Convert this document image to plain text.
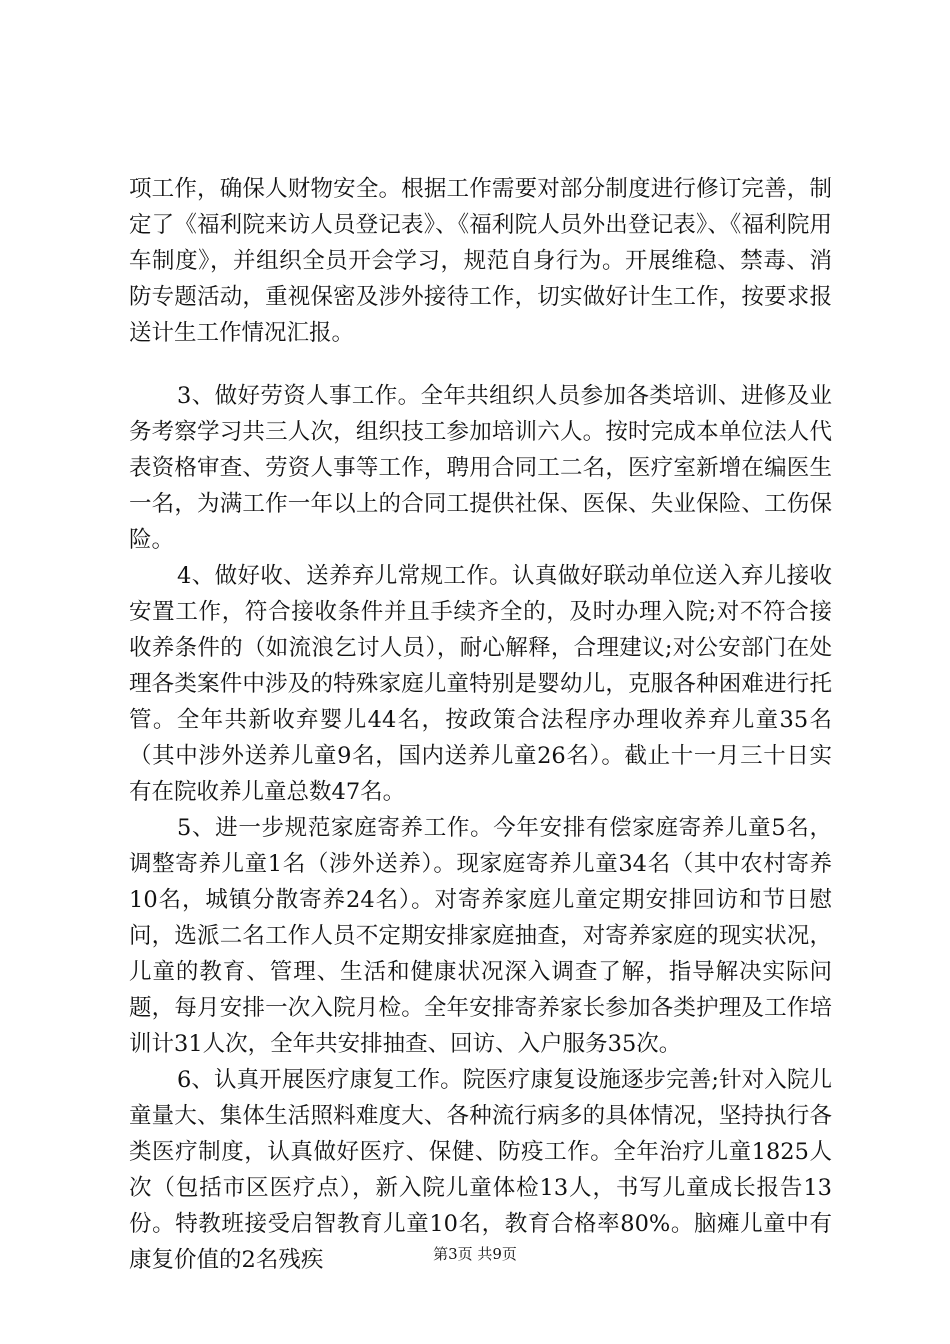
项工作，确保人财物安全。根据工作需要对部分制度进行修订完善，制定了《福利院来访人员登记表》、《福利院人员外出登记表》、《福利院用车制度》，并组织全员开会学习，规范自身行为。开展维稳、禁毒、消防专题活动，重视保密及涉外接待工作，切实做好计生工作，按要求报送计生工作情况汇报。

3、做好劳资人事工作。全年共组织人员参加各类培训、进修及业务考察学习共三人次，组织技工参加培训六人。按时完成本单位法人代表资格审查、劳资人事等工作，聘用合同工二名，医疗室新增在编医生一名，为满工作一年以上的合同工提供社保、医保、失业保险、工伤保险。

4、做好收、送养弃儿常规工作。认真做好联动单位送入弃儿接收安置工作，符合接收条件并且手续齐全的，及时办理入院;对不符合接收养条件的（如流浪乞讨人员），耐心解释，合理建议;对公安部门在处理各类案件中涉及的特殊家庭儿童特别是婴幼儿，克服各种困难进行托管。全年共新收弃婴儿44名，按政策合法程序办理收养弃儿童35名（其中涉外送养儿童9名，国内送养儿童26名）。截止十一月三十日实有在院收养儿童总数47名。

5、进一步规范家庭寄养工作。今年安排有偿家庭寄养儿童5名，调整寄养儿童1名（涉外送养）。现家庭寄养儿童34名（其中农村寄养10名，城镇分散寄养24名）。对寄养家庭儿童定期安排回访和节日慰问，选派二名工作人员不定期安排家庭抽查，对寄养家庭的现实状况，儿童的教育、管理、生活和健康状况深入调查了解，指导解决实际问题，每月安排一次入院月检。全年安排寄养家长参加各类护理及工作培训计31人次，全年共安排抽查、回访、入户服务35次。

6、认真开展医疗康复工作。院医疗康复设施逐步完善;针对入院儿童量大、集体生活照料难度大、各种流行病多的具体情况，坚持执行各类医疗制度，认真做好医疗、保健、防疫工作。全年治疗儿童1825人次（包括市区医疗点），新入院儿童体检13人，书写儿童成长报告13份。特教班接受启智教育儿童10名，教育合格率80%。脑瘫儿童中有康复价值的2名残疾	第3页 共9页
